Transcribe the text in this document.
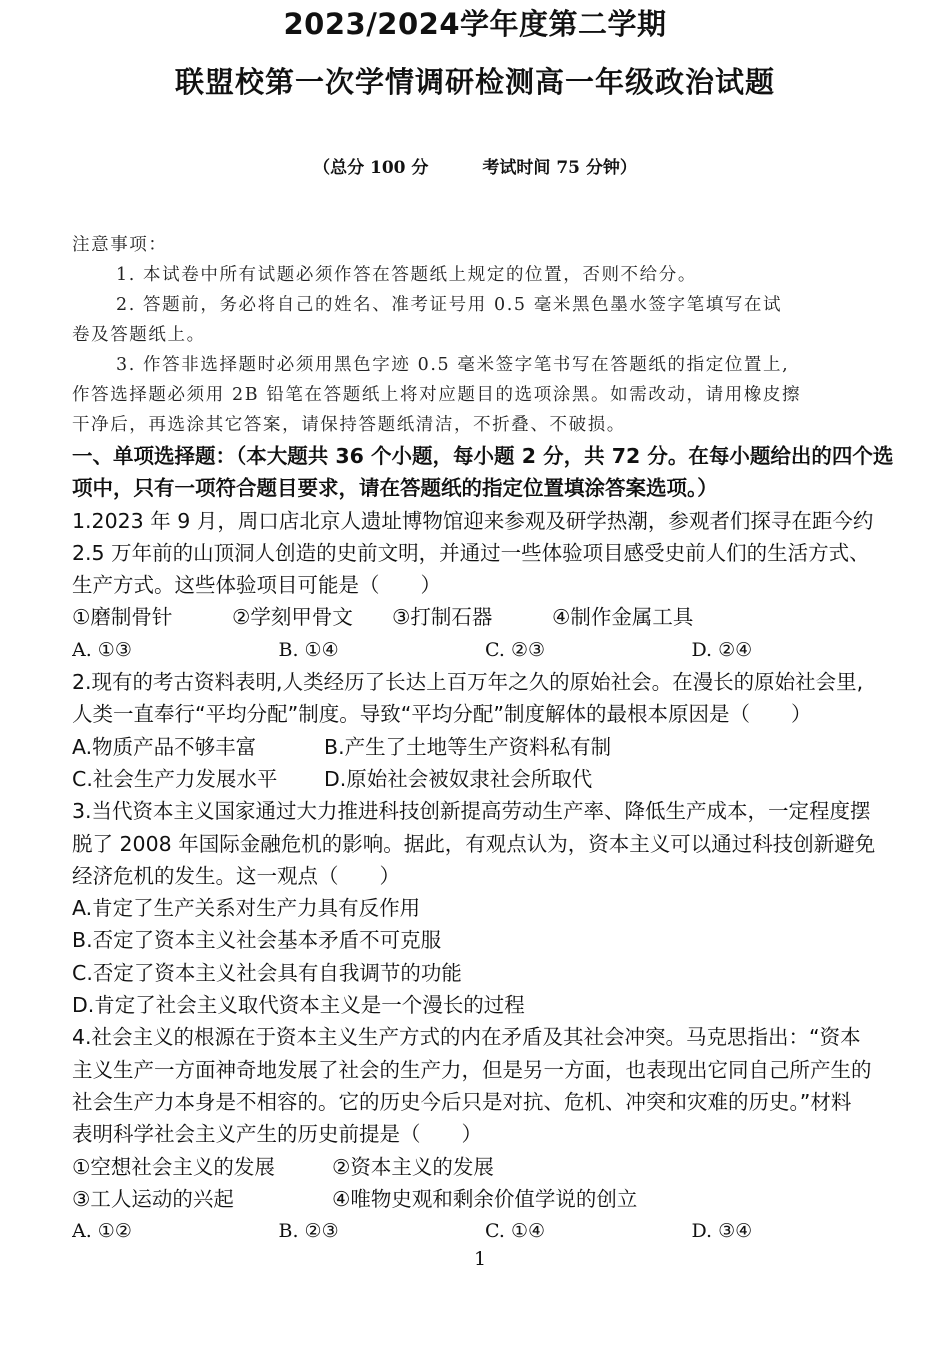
2023/2024学年度第二学期
联盟校第一次学情调研检测高一年级政治试题
（总分 100 分	考试时间 75 分钟）
注意事项：
1. 本试卷中所有试题必须作答在答题纸上规定的位置，否则不给分。
2. 答题前，务必将自己的姓名、准考证号用 0.5 毫米黑色墨水签字笔填写在试
卷及答题纸上。
3. 作答非选择题时必须用黑色字迹 0.5 毫米签字笔书写在答题纸的指定位置上,
作答选择题必须用 2B 铅笔在答题纸上将对应题目的选项涂黑。如需改动，请用橡皮擦
干净后，再选涂其它答案，请保持答题纸清洁，不折叠、不破损。
一、单项选择题：（本大题共 36 个小题，每小题 2 分，共 72 分。在每小题给出的四个选
项中，只有一项符合题目要求，请在答题纸的指定位置填涂答案选项。）
1.2023 年 9 月，周口店北京人遗址博物馆迎来参观及研学热潮，参观者们探寻在距今约
2.5 万年前的山顶洞人创造的史前文明，并通过一些体验项目感受史前人们的生活方式、
生产方式。这些体验项目可能是（　　）
①磨制骨针	②学刻甲骨文	③打制石器	④制作金属工具
A. ①③	B. ①④	C. ②③	D. ②④
2.现有的考古资料表明,人类经历了长达上百万年之久的原始社会。在漫长的原始社会里,
人类一直奉行“平均分配”制度。导致“平均分配”制度解体的最根本原因是（　　）
A.物质产品不够丰富	B.产生了土地等生产资料私有制
C.社会生产力发展水平	D.原始社会被奴隶社会所取代
3.当代资本主义国家通过大力推进科技创新提高劳动生产率、降低生产成本，一定程度摆
脱了 2008 年国际金融危机的影响。据此，有观点认为，资本主义可以通过科技创新避免
经济危机的发生。这一观点（　　）
A.肯定了生产关系对生产力具有反作用
B.否定了资本主义社会基本矛盾不可克服
C.否定了资本主义社会具有自我调节的功能
D.肯定了社会主义取代资本主义是一个漫长的过程
4.社会主义的根源在于资本主义生产方式的内在矛盾及其社会冲突。马克思指出：“资本
主义生产一方面神奇地发展了社会的生产力，但是另一方面，也表现出它同自己所产生的
社会生产力本身是不相容的。它的历史今后只是对抗、危机、冲突和灾难的历史。”材料
表明科学社会主义产生的历史前提是（　　）
①空想社会主义的发展	②资本主义的发展
③工人运动的兴起	④唯物史观和剩余价值学说的创立
A. ①②	B. ②③	C. ①④	D. ③④
1
